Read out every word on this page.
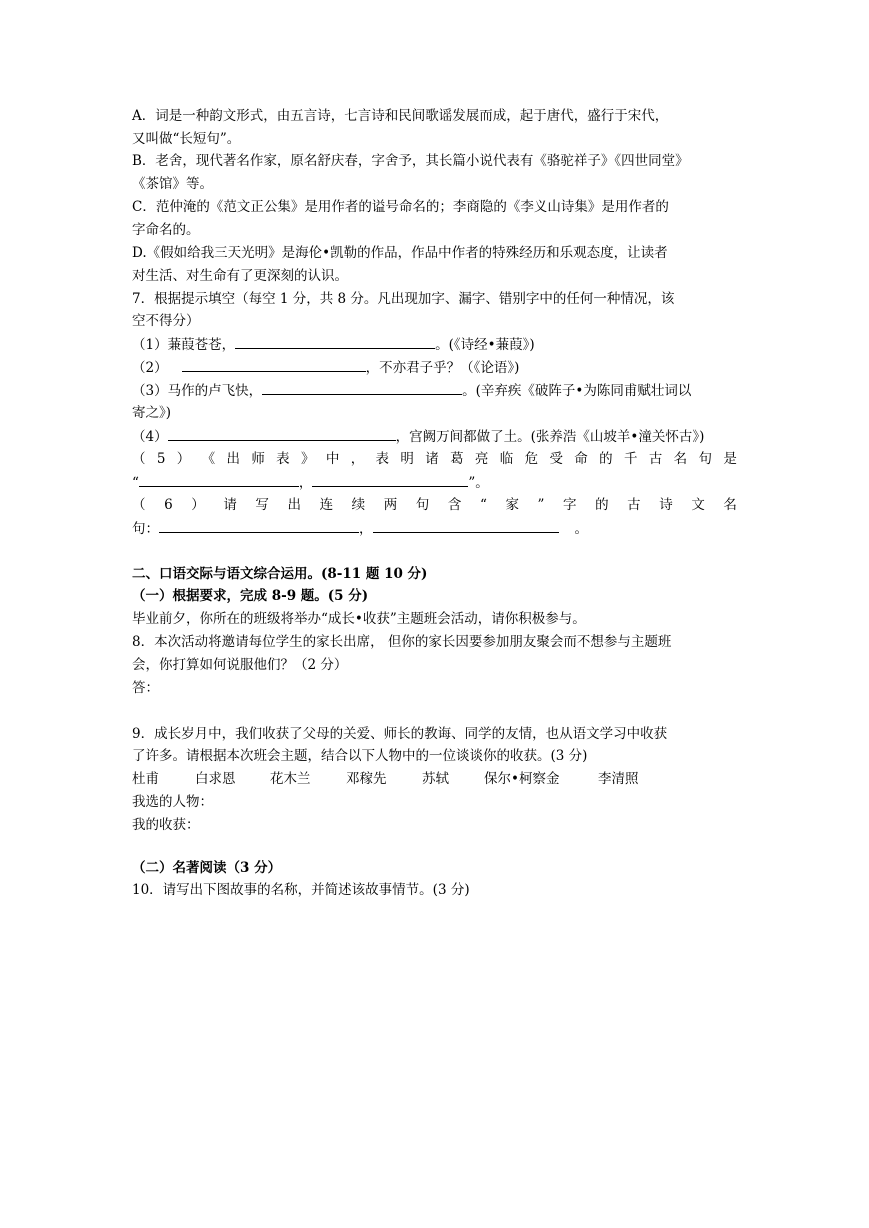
A．词是一种韵文形式，由五言诗，七言诗和民间歌谣发展而成，起于唐代，盛行于宋代，
又叫做“长短句”。
B．老舍，现代著名作家，原名舒庆春，字舍予，其长篇小说代表有《骆驼祥子》《四世同堂》
《茶馆》等。
C．范仲淹的《范文正公集》是用作者的谥号命名的；李商隐的《李义山诗集》是用作者的
字命名的。
D.《假如给我三天光明》是海伦•凯勒的作品，作品中作者的特殊经历和乐观态度，让读者
对生活、对生命有了更深刻的认识。
7．根据提示填空（每空 1 分，共 8 分。凡出现加字、漏字、错别字中的任何一种情况，该
空不得分）
（1）蒹葭苍苍，	。(《诗经•蒹葭》)
（2）	，不亦君子乎？（《论语》)
（3）马作的卢飞快，	。(辛弃疾《破阵子•为陈同甫赋壮词以
寄之》)
（4）	，宫阙万间都做了土。(张养浩《山坡羊•潼关怀古》)
（ 5 ） 《 出 师 表 》 中 ， 表 明 诸 葛 亮 临 危 受 命 的 千 古 名 句 是
“	，	”。
（ 6 ） 请 写 出 连 续 两 句 含 “ 家 ” 字 的 古 诗 文 名
句：	，	。
二、口语交际与语文综合运用。(8-11 题 10 分)
（一）根据要求，完成 8-9 题。(5 分)
毕业前夕，你所在的班级将举办“成长•收获”主题班会活动，请你积极参与。
8．本次活动将邀请每位学生的家长出席， 但你的家长因要参加朋友聚会而不想参与主题班
会，你打算如何说服他们？（2 分）
答：
9．成长岁月中，我们收获了父母的关爱、师长的教诲、同学的友情，也从语文学习中收获
了许多。请根据本次班会主题，结合以下人物中的一位谈谈你的收获。(3 分)
杜甫	白求恩	花木兰	邓稼先	苏轼	保尔•柯察金	李清照
我选的人物：
我的收获：
（二）名著阅读（3 分）
10．请写出下图故事的名称，并简述该故事情节。(3 分)
